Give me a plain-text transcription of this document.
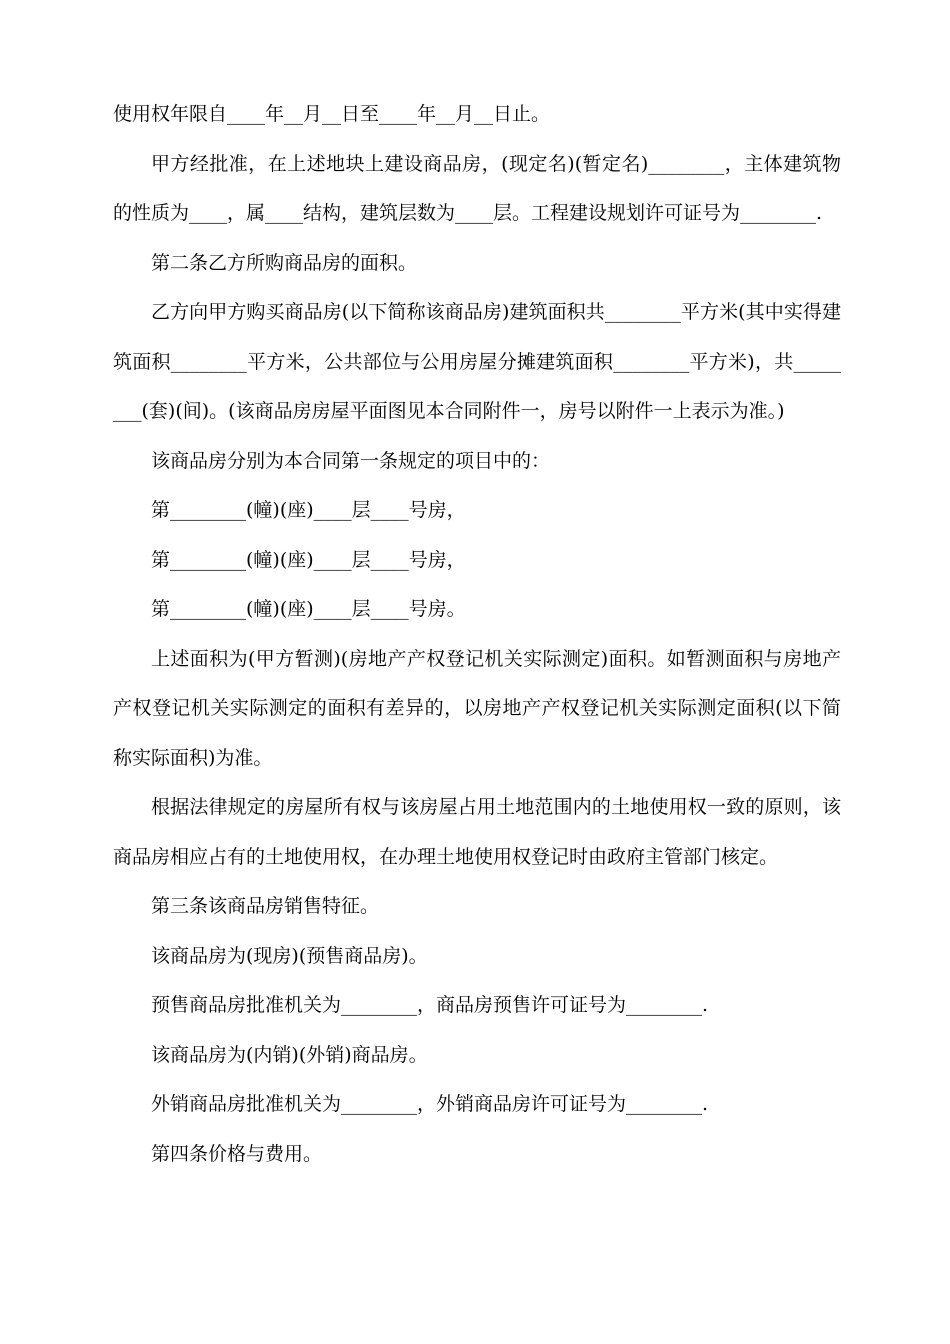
使用权年限自____年__月__日至____年__月__日止。

甲方经批准，在上述地块上建设商品房，(现定名)(暂定名)________，主体建筑物的性质为____，属____结构，建筑层数为____层。工程建设规划许可证号为________.

第二条乙方所购商品房的面积。

乙方向甲方购买商品房(以下简称该商品房)建筑面积共________平方米(其中实得建筑面积________平方米，公共部位与公用房屋分摊建筑面积________平方米)，共________(套)(间)。(该商品房房屋平面图见本合同附件一，房号以附件一上表示为准。)

该商品房分别为本合同第一条规定的项目中的：

第________(幢)(座)____层____号房，

第________(幢)(座)____层____号房，

第________(幢)(座)____层____号房。

上述面积为(甲方暂测)(房地产产权登记机关实际测定)面积。如暂测面积与房地产产权登记机关实际测定的面积有差异的，以房地产产权登记机关实际测定面积(以下简称实际面积)为准。

根据法律规定的房屋所有权与该房屋占用土地范围内的土地使用权一致的原则，该商品房相应占有的土地使用权，在办理土地使用权登记时由政府主管部门核定。

第三条该商品房销售特征。

该商品房为(现房)(预售商品房)。

预售商品房批准机关为________，商品房预售许可证号为________.

该商品房为(内销)(外销)商品房。

外销商品房批准机关为________，外销商品房许可证号为________.

第四条价格与费用。
